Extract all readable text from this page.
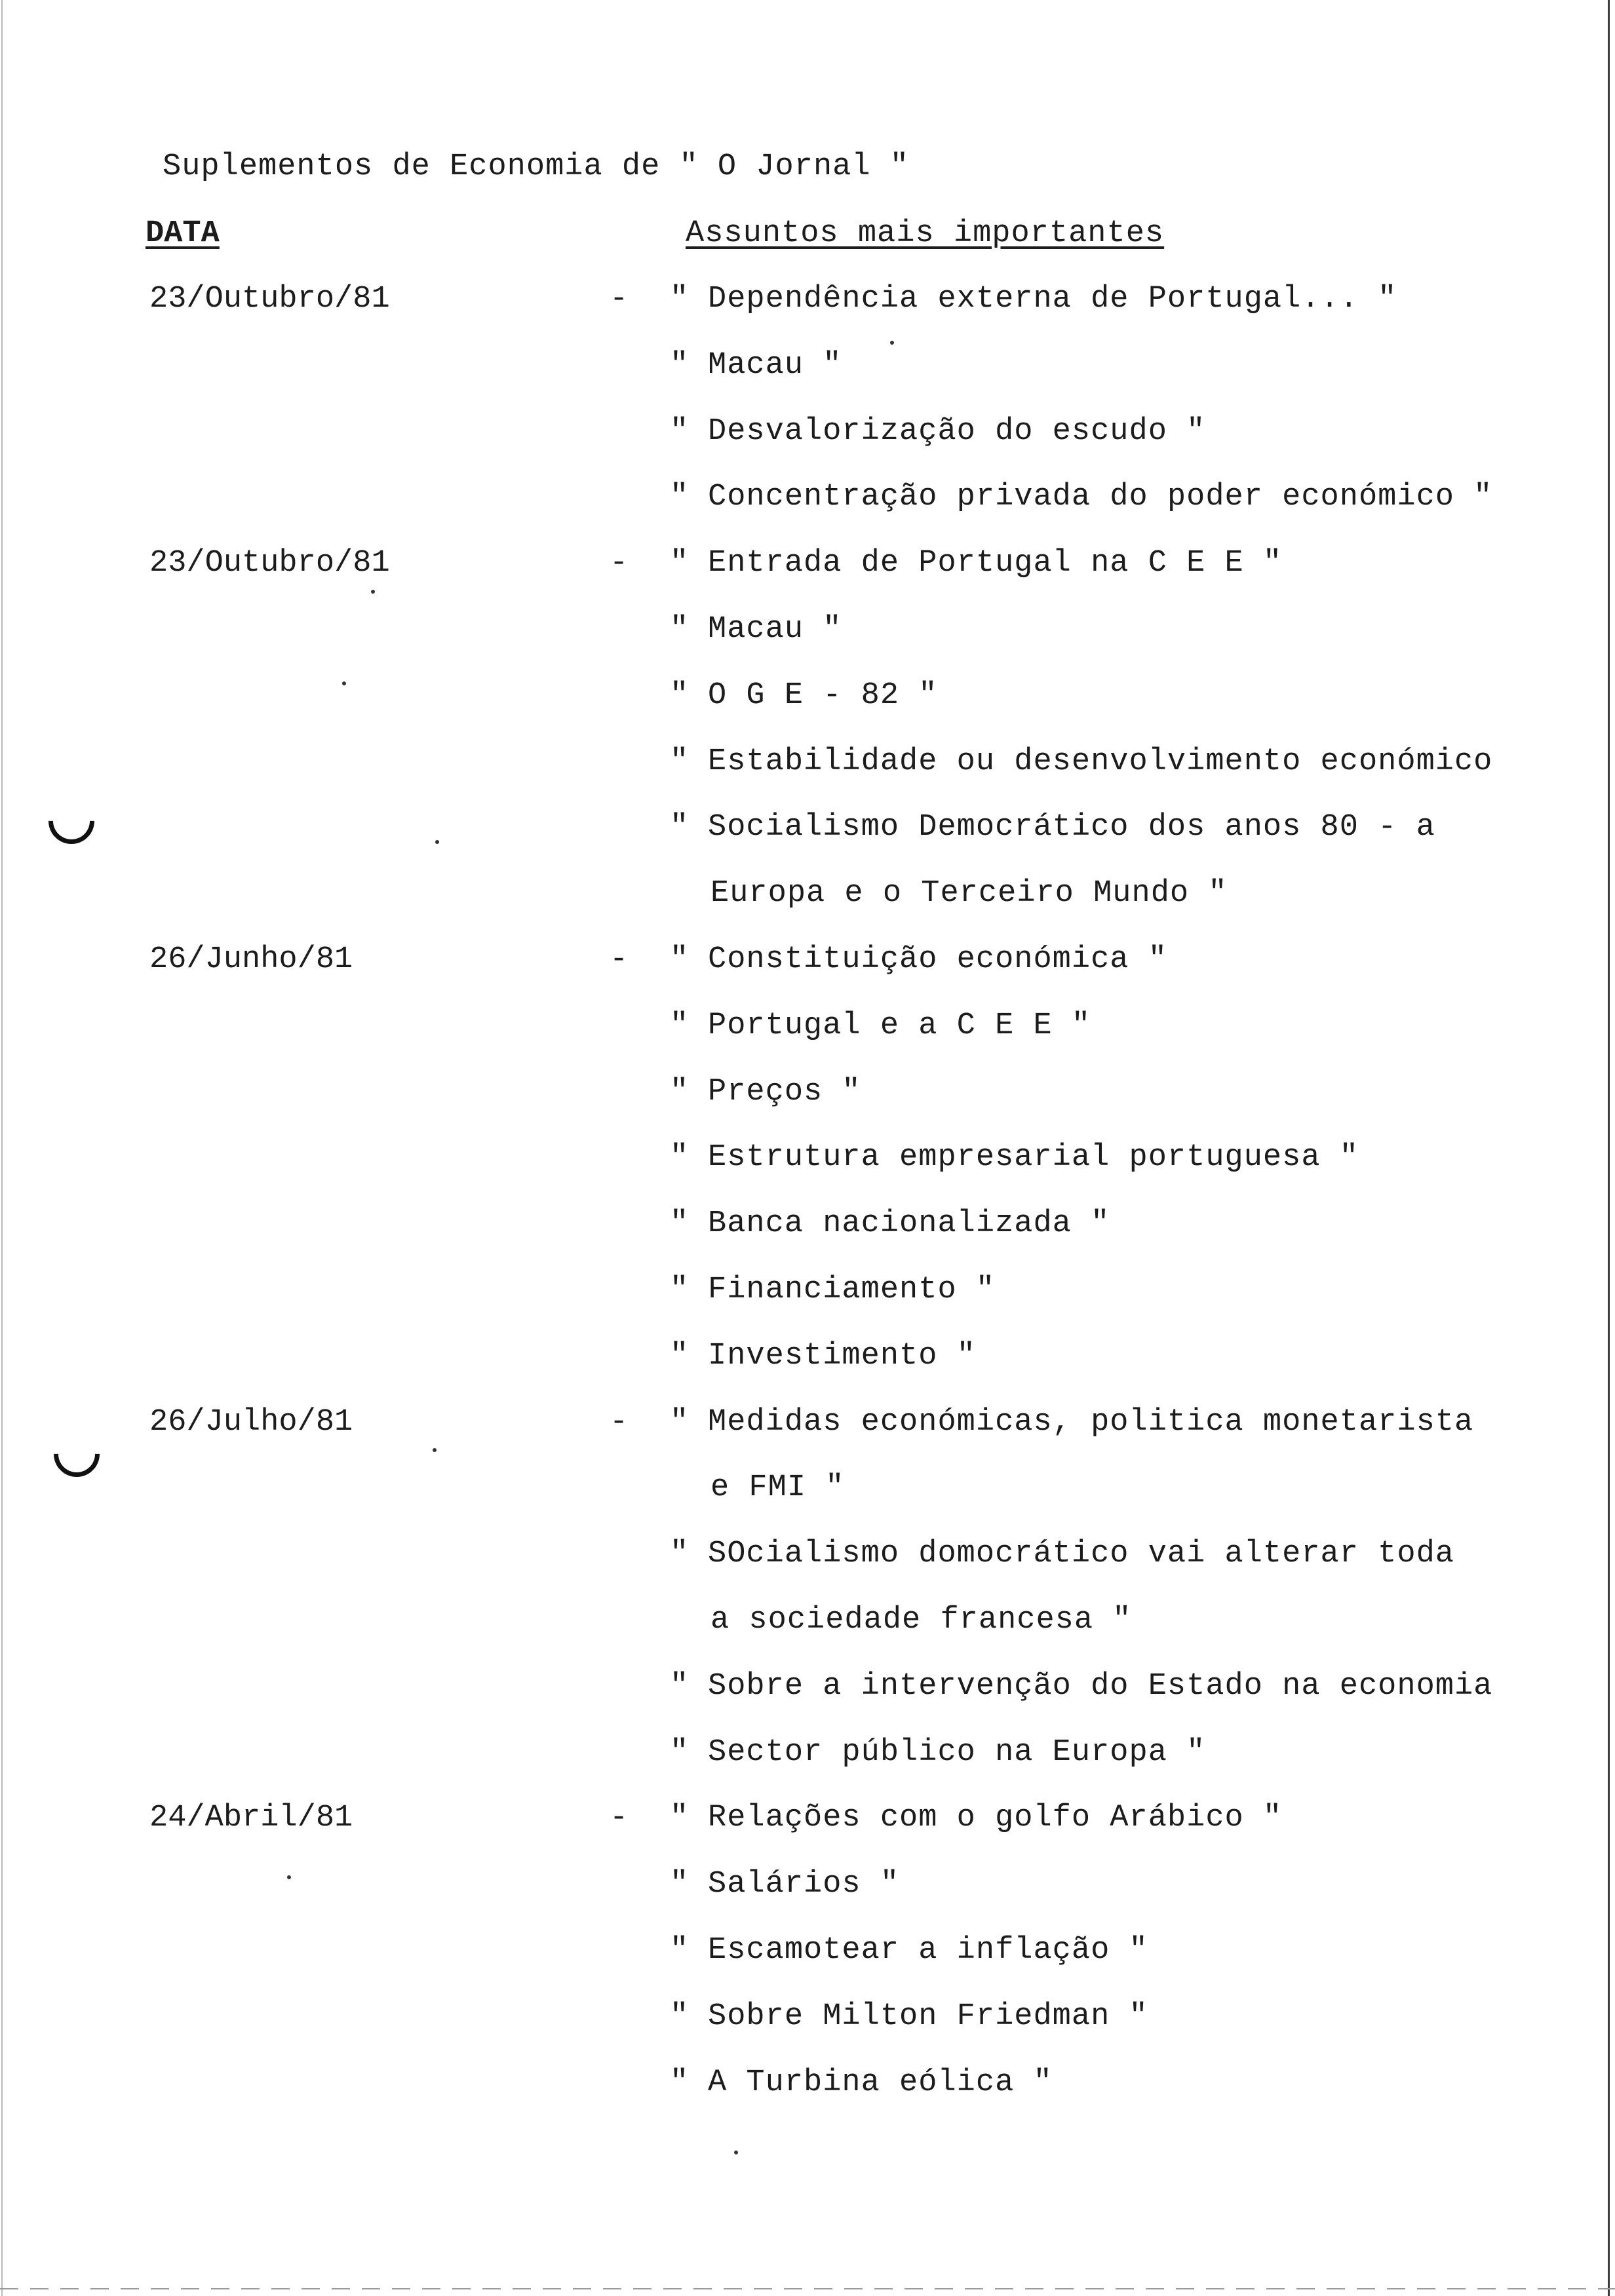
Suplementos de Economia de " O Jornal "
DATA	Assuntos mais importantes
23/Outubro/81	- " Dependência externa de Portugal... "
" Macau "
" Desvalorização do escudo "
" Concentração privada do poder económico "
23/Outubro/81	- " Entrada de Portugal na C E E "
" Macau "
" O G E - 82 "
" Estabilidade ou desenvolvimento económico
" Socialismo Democrático dos anos 80 - a
Europa e o Terceiro Mundo "
26/Junho/81	- " Constituição económica "
" Portugal e a C E E "
" Preços "
" Estrutura empresarial portuguesa "
" Banca nacionalizada "
" Financiamento "
" Investimento "
26/Julho/81	- " Medidas económicas, politica monetarista
e FMI "
" SOcialismo domocrático vai alterar toda
a sociedade francesa "
" Sobre a intervenção do Estado na economia
" Sector público na Europa "
24/Abril/81	- " Relações com o golfo Arábico "
" Salários "
" Escamotear a inflação "
" Sobre Milton Friedman "
" A Turbina eólica "
